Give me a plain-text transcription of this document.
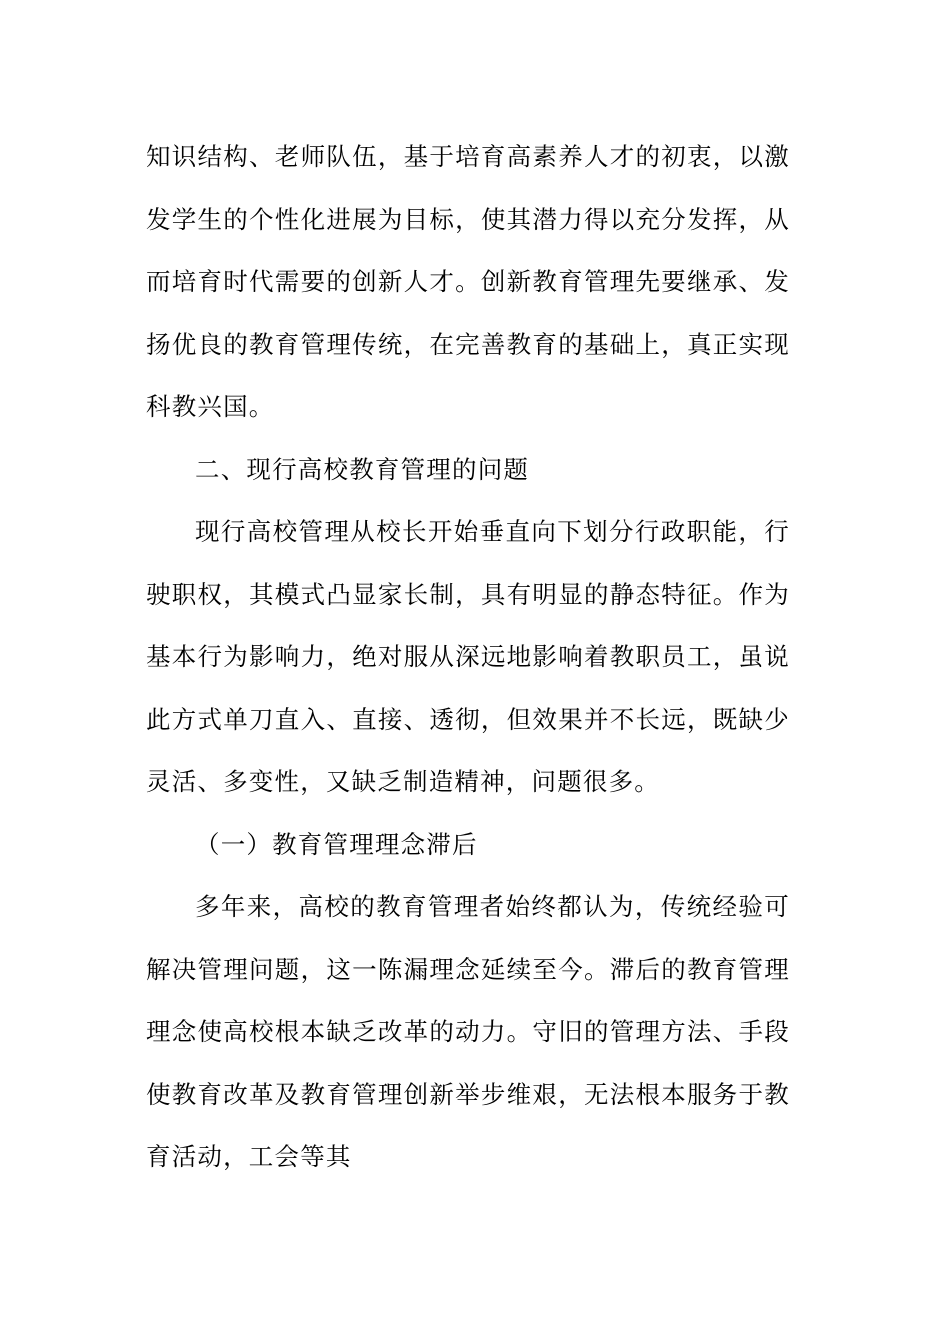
知识结构、老师队伍，基于培育高素养人才的初衷，以激发学生的个性化进展为目标，使其潜力得以充分发挥，从而培育时代需要的创新人才。创新教育管理先要继承、发扬优良的教育管理传统，在完善教育的基础上，真正实现科教兴国。

二、现行高校教育管理的问题

现行高校管理从校长开始垂直向下划分行政职能，行驶职权，其模式凸显家长制，具有明显的静态特征。作为基本行为影响力，绝对服从深远地影响着教职员工，虽说此方式单刀直入、直接、透彻，但效果并不长远，既缺少灵活、多变性，又缺乏制造精神，问题很多。

（一）教育管理理念滞后

多年来，高校的教育管理者始终都认为，传统经验可解决管理问题，这一陈漏理念延续至今。滞后的教育管理理念使高校根本缺乏改革的动力。守旧的管理方法、手段使教育改革及教育管理创新举步维艰，无法根本服务于教育活动，工会等其
